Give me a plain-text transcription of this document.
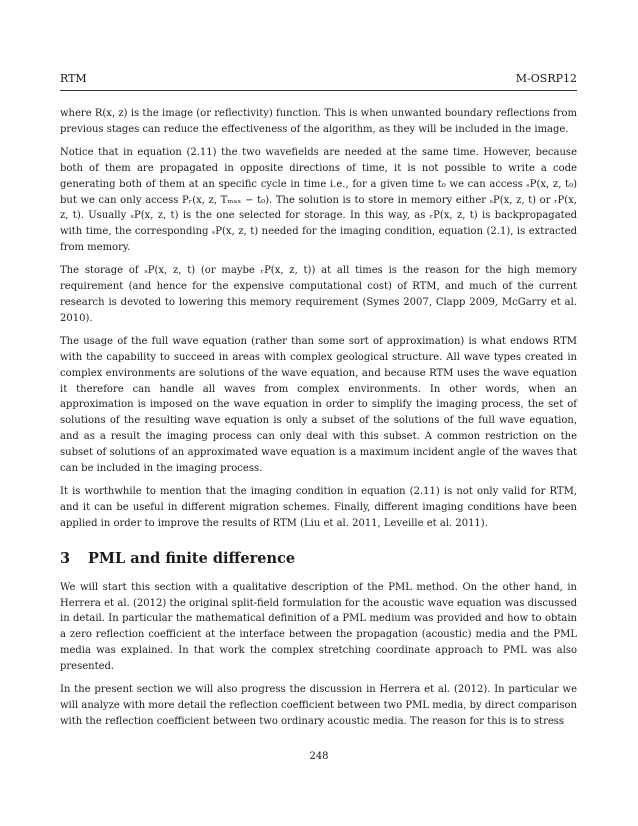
RTM	M-OSRP12

where R(x, z) is the image (or reflectivity) function. This is when unwanted boundary reflections from previous stages can reduce the effectiveness of the algorithm, as they will be included in the image.

Notice that in equation (2.11) the two wavefields are needed at the same time. However, because both of them are propagated in opposite directions of time, it is not possible to write a code generating both of them at an specific cycle in time i.e., for a given time t₀ we can access ₛP(x, z, t₀) but we can only access Pᵣ(x, z, Tₘₐₓ − t₀). The solution is to store in memory either ₛP(x, z, t) or ᵣP(x, z, t). Usually ₛP(x, z, t) is the one selected for storage. In this way, as ᵣP(x, z, t) is backpropagated with time, the corresponding ₛP(x, z, t) needed for the imaging condition, equation (2.1), is extracted from memory.

The storage of ₛP(x, z, t) (or maybe ᵣP(x, z, t)) at all times is the reason for the high memory requirement (and hence for the expensive computational cost) of RTM, and much of the current research is devoted to lowering this memory requirement (Symes 2007, Clapp 2009, McGarry et al. 2010).

The usage of the full wave equation (rather than some sort of approximation) is what endows RTM with the capability to succeed in areas with complex geological structure. All wave types created in complex environments are solutions of the wave equation, and because RTM uses the wave equation it therefore can handle all waves from complex environments. In other words, when an approximation is imposed on the wave equation in order to simplify the imaging process, the set of solutions of the resulting wave equation is only a subset of the solutions of the full wave equation, and as a result the imaging process can only deal with this subset. A common restriction on the subset of solutions of an approximated wave equation is a maximum incident angle of the waves that can be included in the imaging process.

It is worthwhile to mention that the imaging condition in equation (2.11) is not only valid for RTM, and it can be useful in different migration schemes. Finally, different imaging conditions have been applied in order to improve the results of RTM (Liu et al. 2011, Leveille et al. 2011).

3	PML and finite difference

We will start this section with a qualitative description of the PML method. On the other hand, in Herrera et al. (2012) the original split-field formulation for the acoustic wave equation was discussed in detail. In particular the mathematical definition of a PML medium was provided and how to obtain a zero reflection coefficient at the interface between the propagation (acoustic) media and the PML media was explained. In that work the complex stretching coordinate approach to PML was also presented.

In the present section we will also progress the discussion in Herrera et al. (2012). In particular we will analyze with more detail the reflection coefficient between two PML media, by direct comparison with the reflection coefficient between two ordinary acoustic media. The reason for this is to stress

248
